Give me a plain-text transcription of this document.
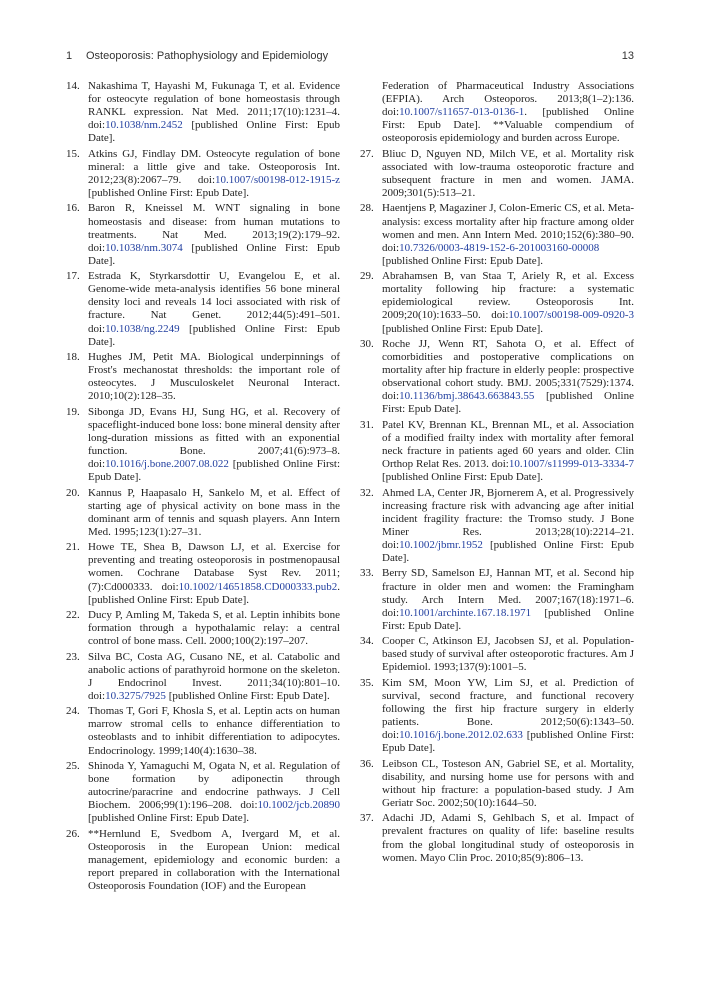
1 Osteoporosis: Pathophysiology and Epidemiology	13
14. Nakashima T, Hayashi M, Fukunaga T, et al. Evidence for osteocyte regulation of bone homeostasis through RANKL expression. Nat Med. 2011;17(10):1231–4. doi:10.1038/nm.2452 [published Online First: Epub Date].
15. Atkins GJ, Findlay DM. Osteocyte regulation of bone mineral: a little give and take. Osteoporosis Int. 2012;23(8):2067–79. doi:10.1007/s00198-012-1915-z [published Online First: Epub Date].
16. Baron R, Kneissel M. WNT signaling in bone homeostasis and disease: from human mutations to treatments. Nat Med. 2013;19(2):179–92. doi:10.1038/nm.3074 [published Online First: Epub Date].
17. Estrada K, Styrkarsdottir U, Evangelou E, et al. Genome-wide meta-analysis identifies 56 bone mineral density loci and reveals 14 loci associated with risk of fracture. Nat Genet. 2012;44(5):491–501. doi:10.1038/ng.2249 [published Online First: Epub Date].
18. Hughes JM, Petit MA. Biological underpinnings of Frost's mechanostat thresholds: the important role of osteocytes. J Musculoskelet Neuronal Interact. 2010;10(2):128–35.
19. Sibonga JD, Evans HJ, Sung HG, et al. Recovery of spaceflight-induced bone loss: bone mineral density after long-duration missions as fitted with an exponential function. Bone. 2007;41(6):973–8. doi:10.1016/j.bone.2007.08.022 [published Online First: Epub Date].
20. Kannus P, Haapasalo H, Sankelo M, et al. Effect of starting age of physical activity on bone mass in the dominant arm of tennis and squash players. Ann Intern Med. 1995;123(1):27–31.
21. Howe TE, Shea B, Dawson LJ, et al. Exercise for preventing and treating osteoporosis in postmenopausal women. Cochrane Database Syst Rev. 2011;(7):Cd000333. doi:10.1002/14651858.CD000333.pub2. [published Online First: Epub Date].
22. Ducy P, Amling M, Takeda S, et al. Leptin inhibits bone formation through a hypothalamic relay: a central control of bone mass. Cell. 2000;100(2):197–207.
23. Silva BC, Costa AG, Cusano NE, et al. Catabolic and anabolic actions of parathyroid hormone on the skeleton. J Endocrinol Invest. 2011;34(10):801–10. doi:10.3275/7925 [published Online First: Epub Date].
24. Thomas T, Gori F, Khosla S, et al. Leptin acts on human marrow stromal cells to enhance differentiation to osteoblasts and to inhibit differentiation to adipocytes. Endocrinology. 1999;140(4):1630–38.
25. Shinoda Y, Yamaguchi M, Ogata N, et al. Regulation of bone formation by adiponectin through autocrine/paracrine and endocrine pathways. J Cell Biochem. 2006;99(1):196–208. doi:10.1002/jcb.20890 [published Online First: Epub Date].
26. **Hernlund E, Svedbom A, Ivergard M, et al. Osteoporosis in the European Union: medical management, epidemiology and economic burden: a report prepared in collaboration with the International Osteoporosis Foundation (IOF) and the European
Federation of Pharmaceutical Industry Associations (EFPIA). Arch Osteoporos. 2013;8(1–2):136. doi:10.1007/s11657-013-0136-1. [published Online First: Epub Date]. **Valuable compendium of osteoporosis epidemiology and burden across Europe.
27. Bliuc D, Nguyen ND, Milch VE, et al. Mortality risk associated with low-trauma osteoporotic fracture and subsequent fracture in men and women. JAMA. 2009;301(5):513–21.
28. Haentjens P, Magaziner J, Colon-Emeric CS, et al. Meta-analysis: excess mortality after hip fracture among older women and men. Ann Intern Med. 2010;152(6):380–90. doi:10.7326/0003-4819-152-6-201003160-00008 [published Online First: Epub Date].
29. Abrahamsen B, van Staa T, Ariely R, et al. Excess mortality following hip fracture: a systematic epidemiological review. Osteoporosis Int. 2009;20(10):1633–50. doi:10.1007/s00198-009-0920-3 [published Online First: Epub Date].
30. Roche JJ, Wenn RT, Sahota O, et al. Effect of comorbidities and postoperative complications on mortality after hip fracture in elderly people: prospective observational cohort study. BMJ. 2005;331(7529):1374. doi:10.1136/bmj.38643.663843.55 [published Online First: Epub Date].
31. Patel KV, Brennan KL, Brennan ML, et al. Association of a modified frailty index with mortality after femoral neck fracture in patients aged 60 years and older. Clin Orthop Relat Res. 2013. doi:10.1007/s11999-013-3334-7 [published Online First: Epub Date].
32. Ahmed LA, Center JR, Bjornerem A, et al. Progressively increasing fracture risk with advancing age after initial incident fragility fracture: the Tromso study. J Bone Miner Res. 2013;28(10):2214–21. doi:10.1002/jbmr.1952 [published Online First: Epub Date].
33. Berry SD, Samelson EJ, Hannan MT, et al. Second hip fracture in older men and women: the Framingham study. Arch Intern Med. 2007;167(18):1971–6. doi:10.1001/archinte.167.18.1971 [published Online First: Epub Date].
34. Cooper C, Atkinson EJ, Jacobsen SJ, et al. Population-based study of survival after osteoporotic fractures. Am J Epidemiol. 1993;137(9):1001–5.
35. Kim SM, Moon YW, Lim SJ, et al. Prediction of survival, second fracture, and functional recovery following the first hip fracture surgery in elderly patients. Bone. 2012;50(6):1343–50. doi:10.1016/j.bone.2012.02.633 [published Online First: Epub Date].
36. Leibson CL, Tosteson AN, Gabriel SE, et al. Mortality, disability, and nursing home use for persons with and without hip fracture: a population-based study. J Am Geriatr Soc. 2002;50(10):1644–50.
37. Adachi JD, Adami S, Gehlbach S, et al. Impact of prevalent fractures on quality of life: baseline results from the global longitudinal study of osteoporosis in women. Mayo Clin Proc. 2010;85(9):806–13.
